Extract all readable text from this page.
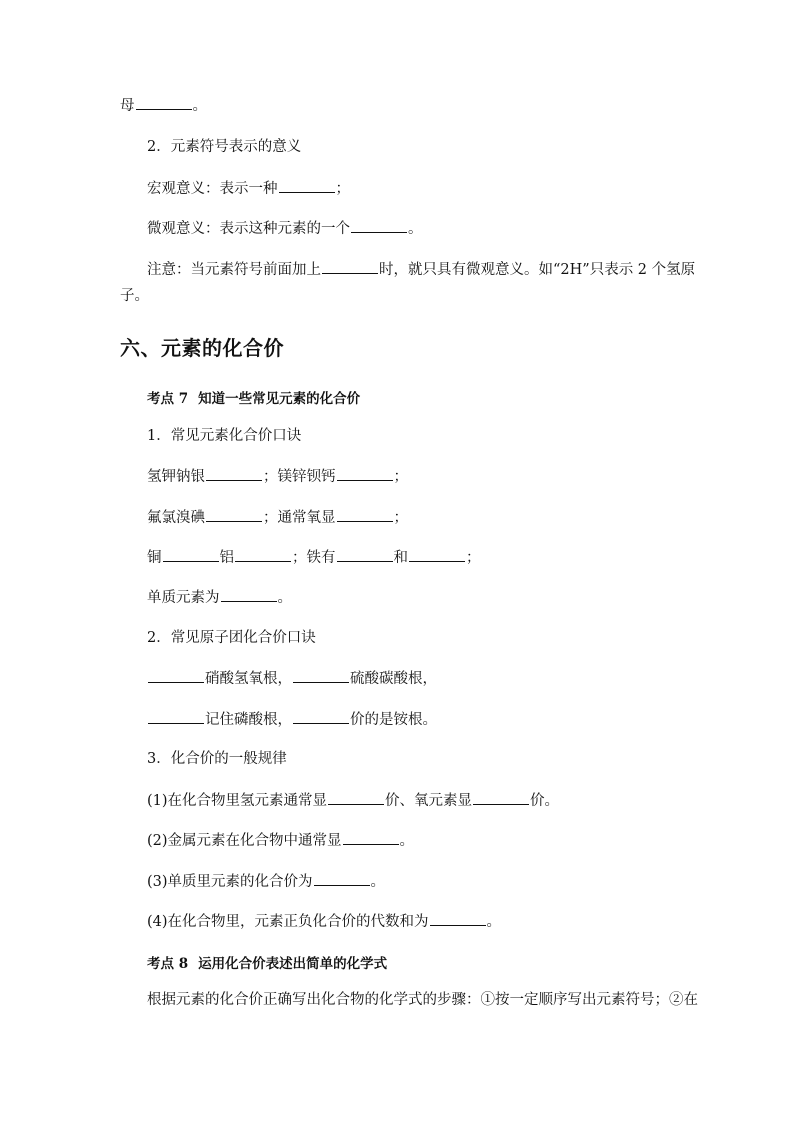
母	。
2．元素符号表示的意义
宏观意义：表示一种	；
微观意义：表示这种元素的一个	。
注意：当元素符号前面加上	时，就只具有微观意义。如“2H”只表示 2 个氢原
子。
六、元素的化合价
考点 7 知道一些常见元素的化合价
1．常见元素化合价口诀
氢钾钠银	；镁锌钡钙	；
氟氯溴碘	；通常氧显	；
铜	铝	；铁有	和	；
单质元素为	。
2．常见原子团化合价口诀
硝酸氢氧根，	硫酸碳酸根，
记住磷酸根，	价的是铵根。
3．化合价的一般规律
(1)在化合物里氢元素通常显	价、氧元素显	价。
(2)金属元素在化合物中通常显	。
(3)单质里元素的化合价为	。
(4)在化合物里，元素正负化合价的代数和为	。
考点 8 运用化合价表述出简单的化学式
根据元素的化合价正确写出化合物的化学式的步骤：①按一定顺序写出元素符号；②在
